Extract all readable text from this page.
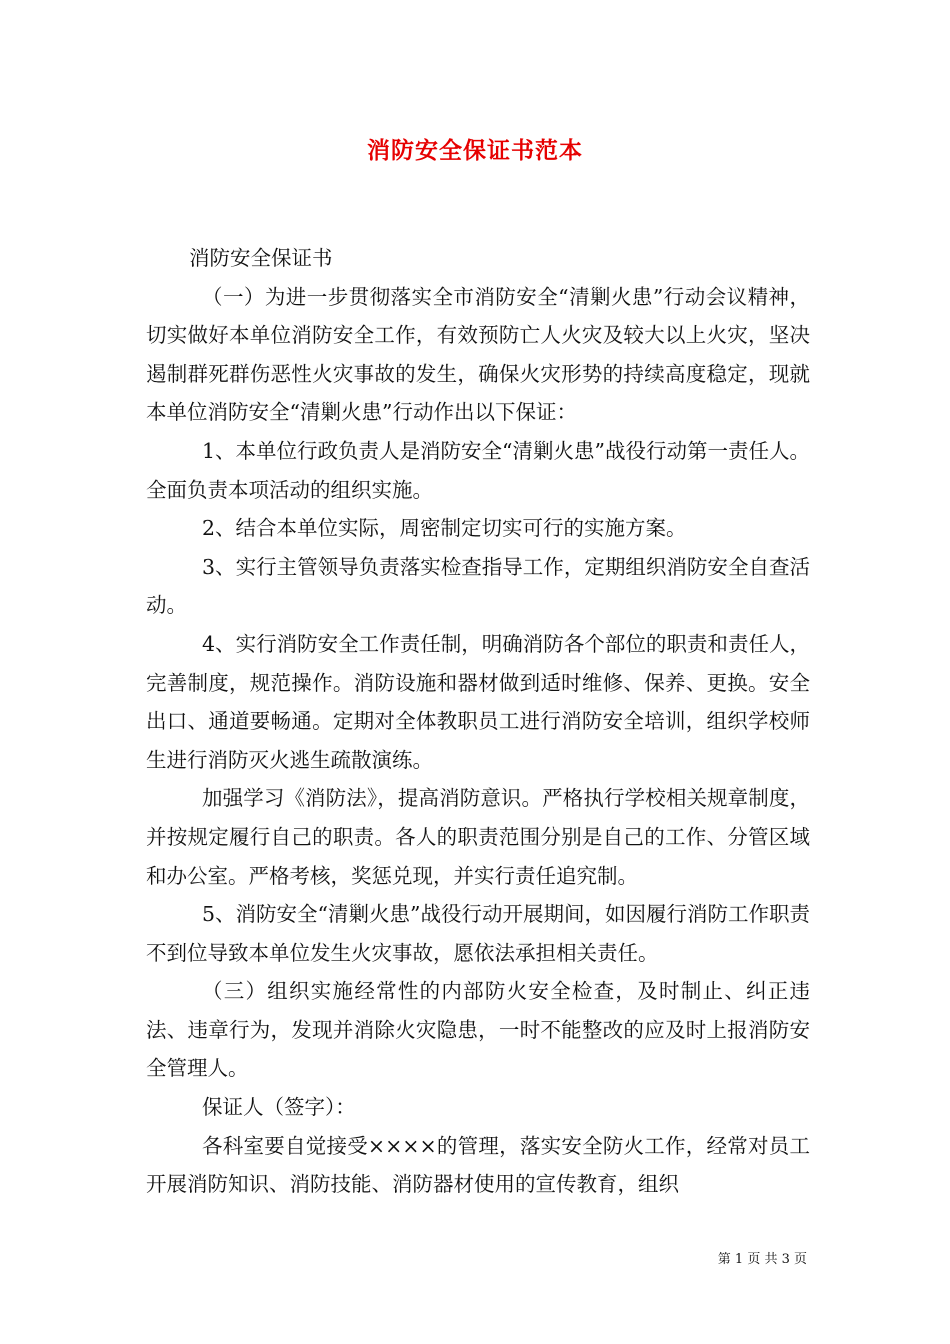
消防安全保证书范本

消防安全保证书

（一）为进一步贯彻落实全市消防安全“清剿火患”行动会议精神，切实做好本单位消防安全工作，有效预防亡人火灾及较大以上火灾，坚决遏制群死群伤恶性火灾事故的发生，确保火灾形势的持续高度稳定，现就本单位消防安全“清剿火患”行动作出以下保证：

1、本单位行政负责人是消防安全“清剿火患”战役行动第一责任人。全面负责本项活动的组织实施。

2、结合本单位实际，周密制定切实可行的实施方案。

3、实行主管领导负责落实检查指导工作，定期组织消防安全自查活动。

4、实行消防安全工作责任制，明确消防各个部位的职责和责任人，完善制度，规范操作。消防设施和器材做到适时维修、保养、更换。安全出口、通道要畅通。定期对全体教职员工进行消防安全培训，组织学校师生进行消防灭火逃生疏散演练。

加强学习《消防法》，提高消防意识。严格执行学校相关规章制度，并按规定履行自己的职责。各人的职责范围分别是自己的工作、分管区域和办公室。严格考核，奖惩兑现，并实行责任追究制。

5、消防安全“清剿火患”战役行动开展期间，如因履行消防工作职责不到位导致本单位发生火灾事故，愿依法承担相关责任。

（三）组织实施经常性的内部防火安全检查，及时制止、纠正违法、违章行为，发现并消除火灾隐患，一时不能整改的应及时上报消防安全管理人。

保证人（签字）：

各科室要自觉接受××××的管理，落实安全防火工作，经常对员工开展消防知识、消防技能、消防器材使用的宣传教育，组织

第 1 页 共 3 页
